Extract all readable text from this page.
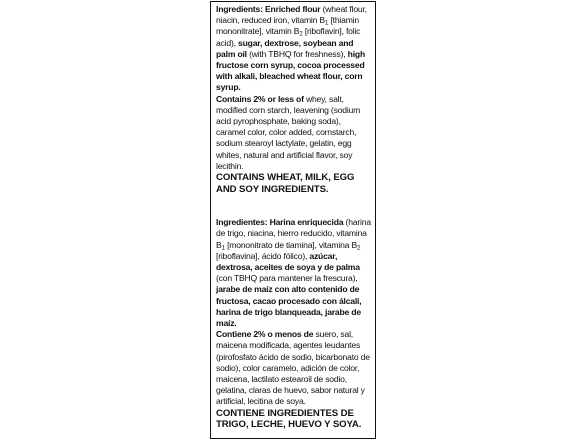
Ingredients: Enriched flour (wheat flour, niacin, reduced iron, vitamin $B_1$ [thiamin mononitrate], vitamin $B_2$ [riboflavin], folic acid), sugar, dextrose, soybean and palm oil (with TBHQ for freshness), high fructose corn syrup, cocoa processed with alkali, bleached wheat flour, corn syrup.

Contains 2% or less of whey, salt, modified corn starch, leavening (sodium acid pyrophosphate, baking soda), caramel color, color added, cornstarch, sodium stearoyl lactylate, gelatin, egg whites, natural and artificial flavor, soy lecithin.

CONTAINS WHEAT, MILK, EGG AND SOY INGREDIENTS.

Ingredientes: Harina enriquecida (harina de trigo, niacina, hierro reducido, vitamina $B_1$ [mononitrato de tiamina], vitamina $B_2$ [riboflavina], ácido fólico), azúcar, dextrosa, aceites de soya y de palma (con TBHQ para mantener la frescura), jarabe de maíz con alto contenido de fructosa, cacao procesado con álcali, harina de trigo blanqueada, jarabe de maíz.

Contiene 2% o menos de suero, sal, maicena modificada, agentes leudantes (pirofosfato ácido de sodio, bicarbonato de sodio), color caramelo, adición de color, maicena, lactilato estearoil de sodio, gelatina, claras de huevo, sabor natural y artificial, lecitina de soya.

CONTIENE INGREDIENTES DE TRIGO, LECHE, HUEVO Y SOYA.
